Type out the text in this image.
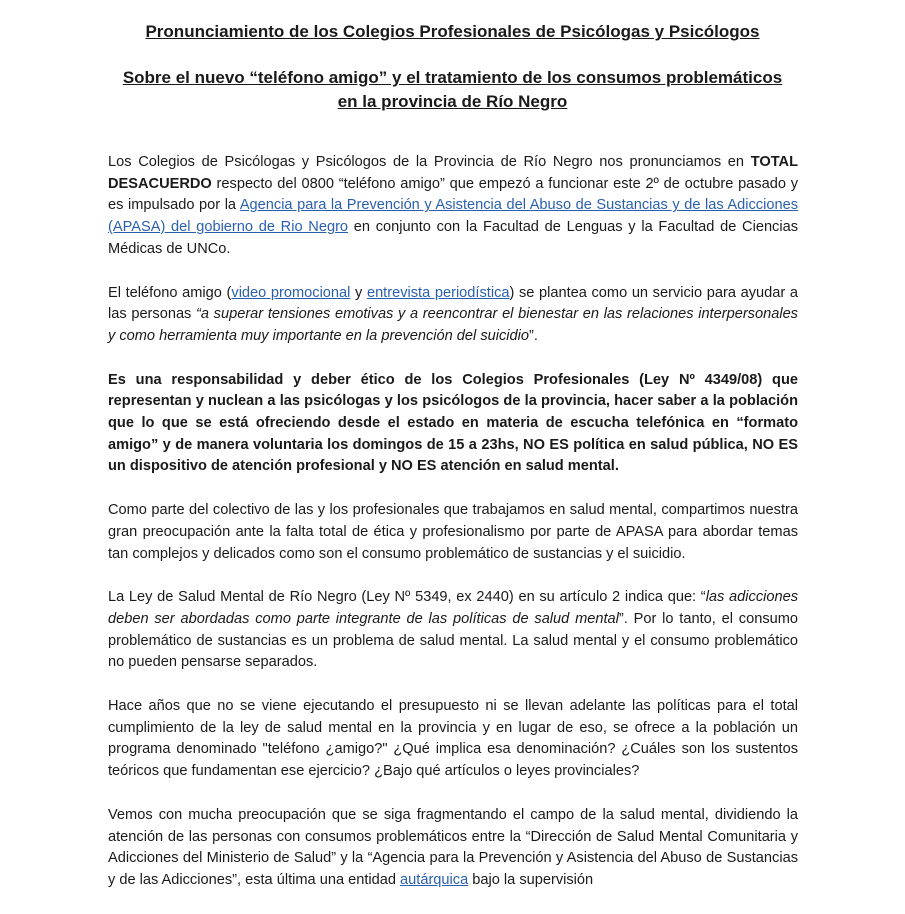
Pronunciamiento de los Colegios Profesionales de Psicólogas y Psicólogos
Sobre el nuevo “teléfono amigo” y el tratamiento de los consumos problemáticos
en la provincia de Río Negro

Los Colegios de Psicólogas y Psicólogos de la Provincia de Río Negro nos pronunciamos en TOTAL DESACUERDO respecto del 0800 “teléfono amigo” que empezó a funcionar este 2º de octubre pasado y es impulsado por la Agencia para la Prevención y Asistencia del Abuso de Sustancias y de las Adicciones (APASA) del gobierno de Rio Negro en conjunto con la Facultad de Lenguas y la Facultad de Ciencias Médicas de UNCo.

El teléfono amigo (video promocional y entrevista periodística) se plantea como un servicio para ayudar a las personas “a superar tensiones emotivas y a reencontrar el bienestar en las relaciones interpersonales y como herramienta muy importante en la prevención del suicidio”.

Es una responsabilidad y deber ético de los Colegios Profesionales (Ley Nº 4349/08) que representan y nuclean a las psicólogas y los psicólogos de la provincia, hacer saber a la población que lo que se está ofreciendo desde el estado en materia de escucha telefónica en “formato amigo” y de manera voluntaria los domingos de 15 a 23hs, NO ES política en salud pública, NO ES un dispositivo de atención profesional y NO ES atención en salud mental.

Como parte del colectivo de las y los profesionales que trabajamos en salud mental, compartimos nuestra gran preocupación ante la falta total de ética y profesionalismo por parte de APASA para abordar temas tan complejos y delicados como son el consumo problemático de sustancias y el suicidio.

La Ley de Salud Mental de Río Negro (Ley Nº 5349, ex 2440) en su artículo 2 indica que: “las adicciones deben ser abordadas como parte integrante de las políticas de salud mental”. Por lo tanto, el consumo problemático de sustancias es un problema de salud mental. La salud mental y el consumo problemático no pueden pensarse separados.

Hace años que no se viene ejecutando el presupuesto ni se llevan adelante las políticas para el total cumplimiento de la ley de salud mental en la provincia y en lugar de eso, se ofrece a la población un programa denominado "teléfono ¿amigo?" ¿Qué implica esa denominación? ¿Cuáles son los sustentos teóricos que fundamentan ese ejercicio? ¿Bajo qué artículos o leyes provinciales?

Vemos con mucha preocupación que se siga fragmentando el campo de la salud mental, dividiendo la atención de las personas con consumos problemáticos entre la “Dirección de Salud Mental Comunitaria y Adicciones del Ministerio de Salud” y la “Agencia para la Prevención y Asistencia del Abuso de Sustancias y de las Adicciones”, esta última una entidad autárquica bajo la supervisión
